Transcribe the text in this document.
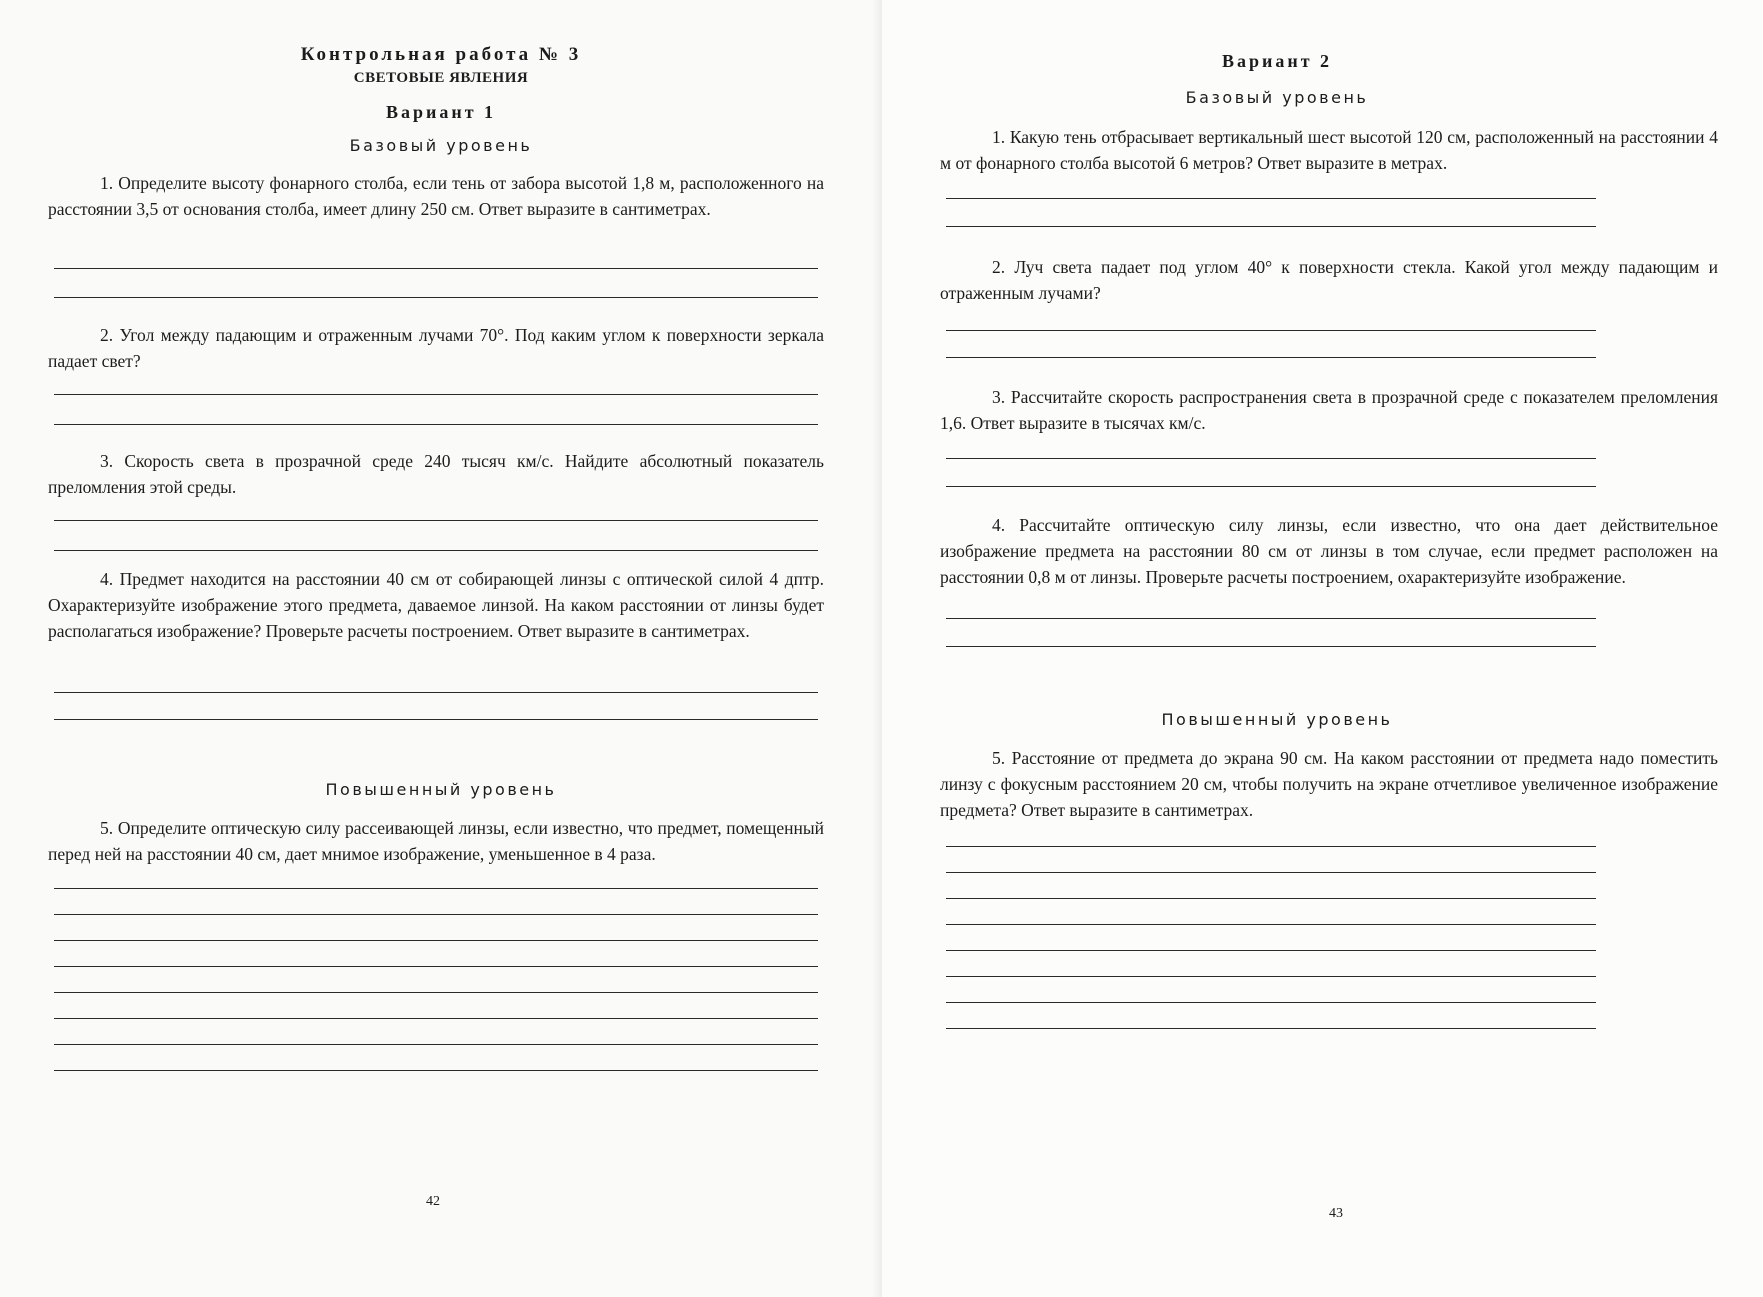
Контрольная работа № 3
СВЕТОВЫЕ ЯВЛЕНИЯ
Вариант 1
Базовый уровень

1. Определите высоту фонарного столба, если тень от забора высотой 1,8 м, расположенного на расстоянии 3,5 от основания столба, имеет длину 250 см. Ответ выразите в сантиметрах.

2. Угол между падающим и отраженным лучами 70°. Под каким углом к поверхности зеркала падает свет?

3. Скорость света в прозрачной среде 240 тысяч км/с. Найдите абсолютный показатель преломления этой среды.

4. Предмет находится на расстоянии 40 см от собирающей линзы с оптической силой 4 дптр. Охарактеризуйте изображение этого предмета, даваемое линзой. На каком расстоянии от линзы будет располагаться изображение? Проверьте расчеты построением. Ответ выразите в сантиметрах.

Повышенный уровень

5. Определите оптическую силу рассеивающей линзы, если известно, что предмет, помещенный перед ней на расстоянии 40 см, дает мнимое изображение, уменьшенное в 4 раза.

42
Вариант 2
Базовый уровень

1. Какую тень отбрасывает вертикальный шест высотой 120 см, расположенный на расстоянии 4 м от фонарного столба высотой 6 метров? Ответ выразите в метрах.

2. Луч света падает под углом 40° к поверхности стекла. Какой угол между падающим и отраженным лучами?

3. Рассчитайте скорость распространения света в прозрачной среде с показателем преломления 1,6. Ответ выразите в тысячах км/с.

4. Рассчитайте оптическую силу линзы, если известно, что она дает действительное изображение предмета на расстоянии 80 см от линзы в том случае, если предмет расположен на расстоянии 0,8 м от линзы. Проверьте расчеты построением, охарактеризуйте изображение.

Повышенный уровень

5. Расстояние от предмета до экрана 90 см. На каком расстоянии от предмета надо поместить линзу с фокусным расстоянием 20 см, чтобы получить на экране отчетливое увеличенное изображение предмета? Ответ выразите в сантиметрах.

43
